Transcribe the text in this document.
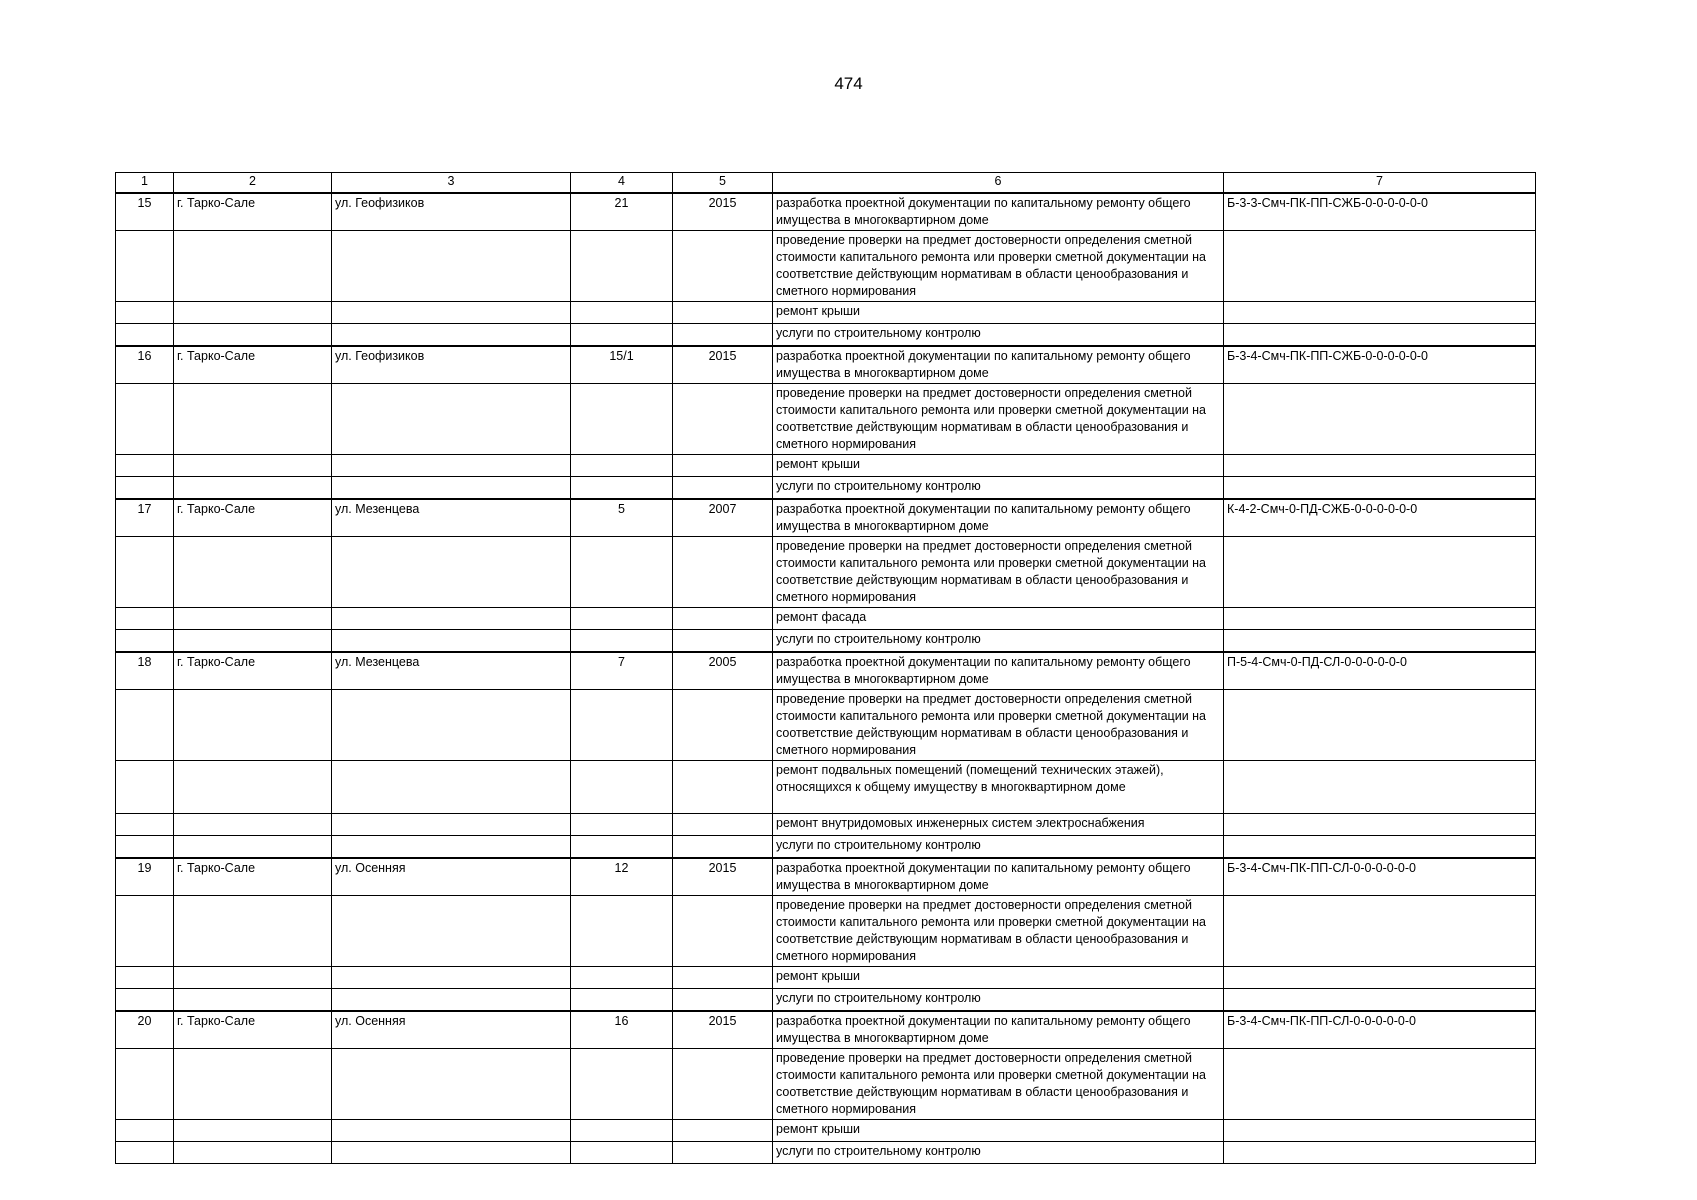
474
1	2	3	4	5	6	7
15	г. Тарко-Сале	ул. Геофизиков	21	2015	разработка проектной документации по капитальному ремонту общего имущества в многоквартирном доме	Б-3-3-Смч-ПК-ПП-СЖБ-0-0-0-0-0-0
					проведение проверки на предмет достоверности определения сметной стоимости капитального ремонта или проверки сметной документации на соответствие действующим нормативам в области ценообразования и сметного нормирования	
					ремонт крыши	
					услуги по строительному контролю	
16	г. Тарко-Сале	ул. Геофизиков	15/1	2015	разработка проектной документации по капитальному ремонту общего имущества в многоквартирном доме	Б-3-4-Смч-ПК-ПП-СЖБ-0-0-0-0-0-0
					проведение проверки на предмет достоверности определения сметной стоимости капитального ремонта или проверки сметной документации на соответствие действующим нормативам в области ценообразования и сметного нормирования	
					ремонт крыши	
					услуги по строительному контролю	
17	г. Тарко-Сале	ул. Мезенцева	5	2007	разработка проектной документации по капитальному ремонту общего имущества в многоквартирном доме	К-4-2-Смч-0-ПД-СЖБ-0-0-0-0-0-0
					проведение проверки на предмет достоверности определения сметной стоимости капитального ремонта или проверки сметной документации на соответствие действующим нормативам в области ценообразования и сметного нормирования	
					ремонт фасада	
					услуги по строительному контролю	
18	г. Тарко-Сале	ул. Мезенцева	7	2005	разработка проектной документации по капитальному ремонту общего имущества в многоквартирном доме	П-5-4-Смч-0-ПД-СЛ-0-0-0-0-0-0
					проведение проверки на предмет достоверности определения сметной стоимости капитального ремонта или проверки сметной документации на соответствие действующим нормативам в области ценообразования и сметного нормирования	
					ремонт подвальных помещений (помещений технических этажей), относящихся к общему имуществу в многоквартирном доме	
					ремонт внутридомовых инженерных систем электроснабжения	
					услуги по строительному контролю	
19	г. Тарко-Сале	ул. Осенняя	12	2015	разработка проектной документации по капитальному ремонту общего имущества в многоквартирном доме	Б-3-4-Смч-ПК-ПП-СЛ-0-0-0-0-0-0
					проведение проверки на предмет достоверности определения сметной стоимости капитального ремонта или проверки сметной документации на соответствие действующим нормативам в области ценообразования и сметного нормирования	
					ремонт крыши	
					услуги по строительному контролю	
20	г. Тарко-Сале	ул. Осенняя	16	2015	разработка проектной документации по капитальному ремонту общего имущества в многоквартирном доме	Б-3-4-Смч-ПК-ПП-СЛ-0-0-0-0-0-0
					проведение проверки на предмет достоверности определения сметной стоимости капитального ремонта или проверки сметной документации на соответствие действующим нормативам в области ценообразования и сметного нормирования	
					ремонт крыши	
					услуги по строительному контролю	
